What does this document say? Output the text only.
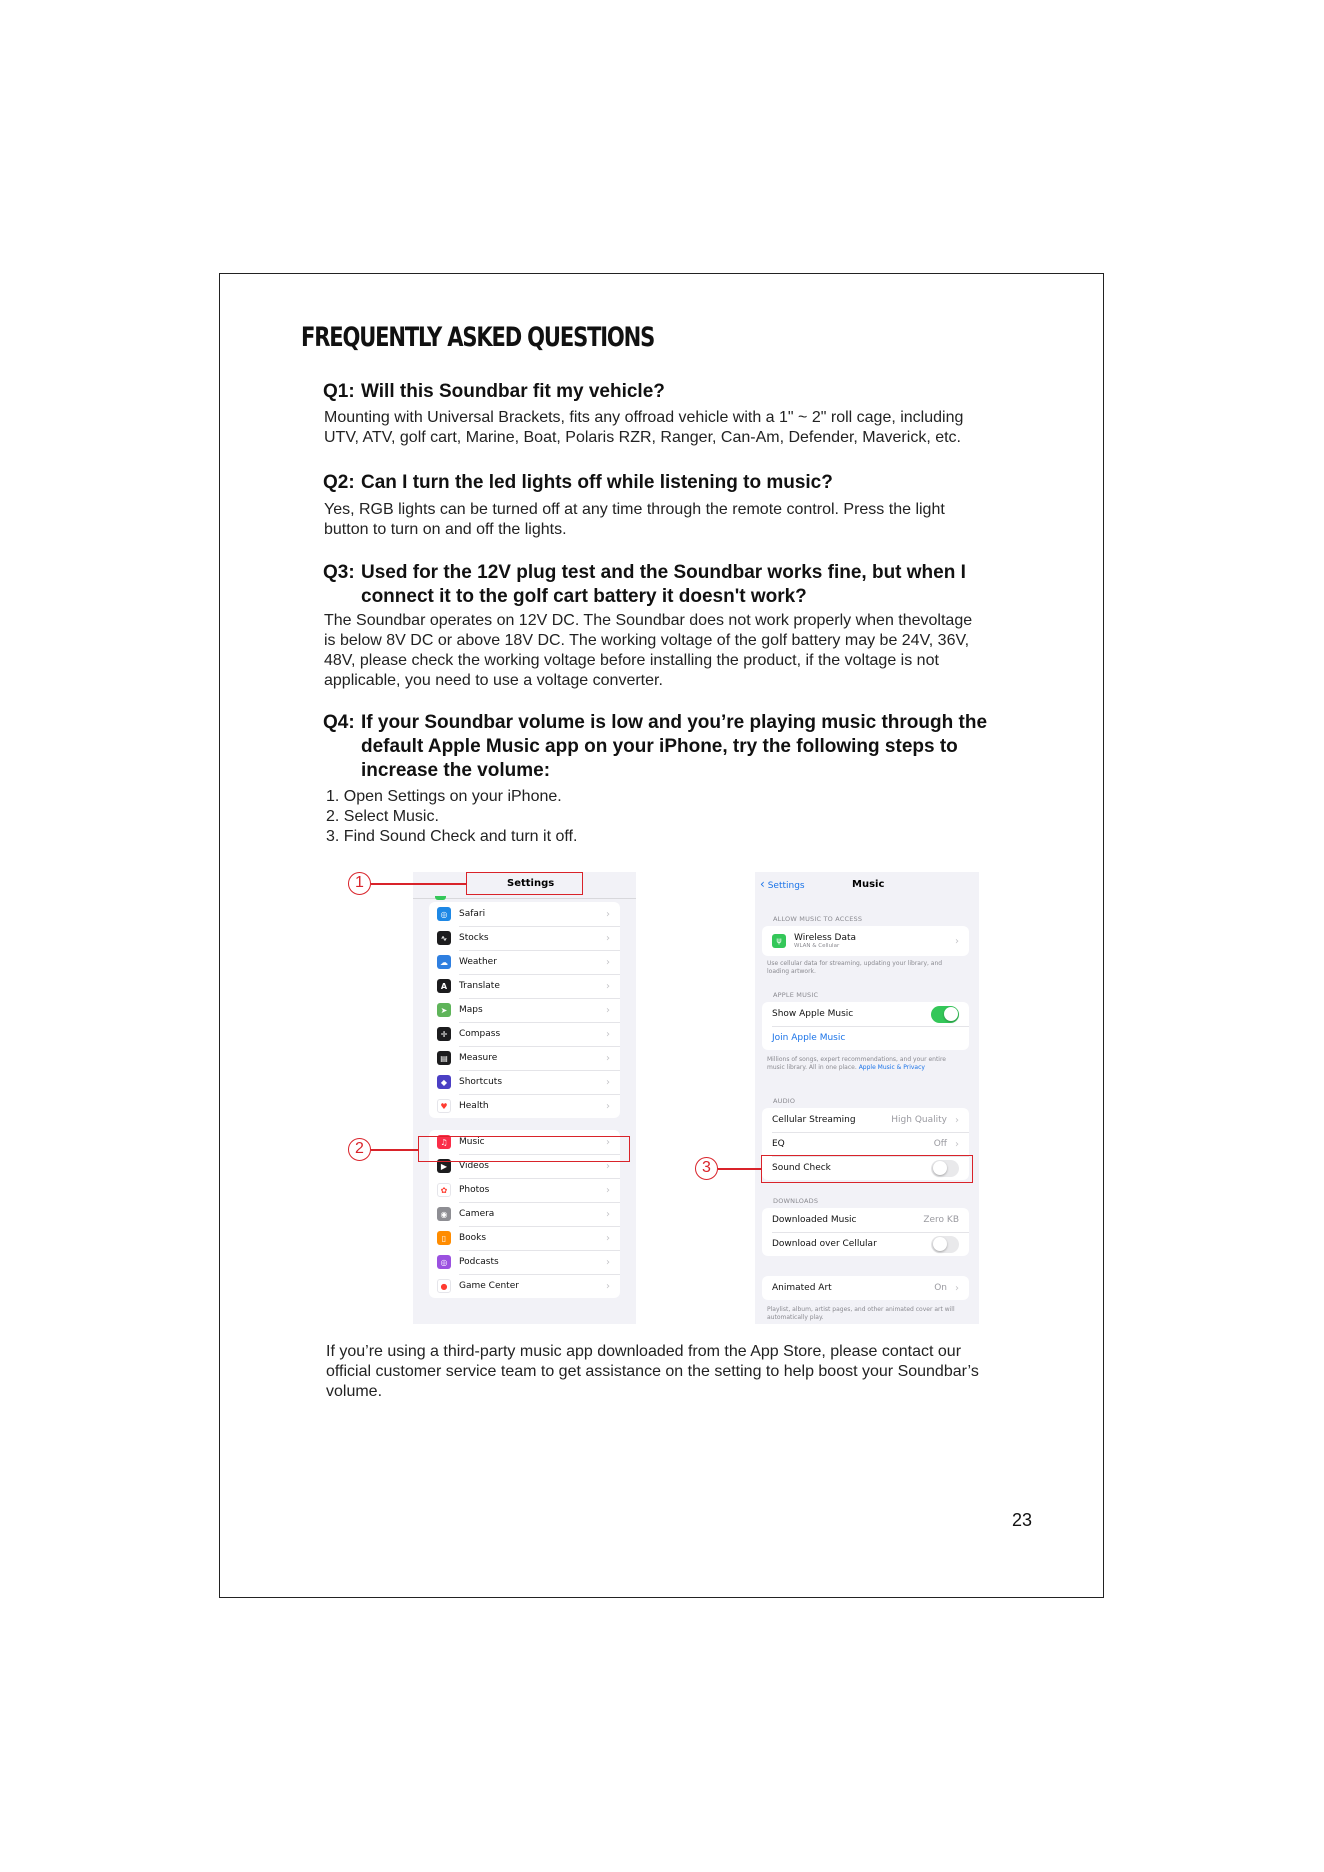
FREQUENTLY ASKED QUESTIONS
Q1: Will this Soundbar fit my vehicle?
Mounting with Universal Brackets, fits any offroad vehicle with a 1" ~ 2" roll cage, including
UTV, ATV, golf cart, Marine, Boat, Polaris RZR, Ranger, Can-Am, Defender, Maverick, etc.
Q2: Can I turn the led lights off while listening to music?
Yes, RGB lights can be turned off at any time through the remote control. Press the light
button to turn on and off the lights.
Q3: Used for the 12V plug test and the Soundbar works fine, but when I
connect it to the golf cart battery it doesn't work?
The Soundbar operates on 12V DC. The Soundbar does not work properly when thevoltage
is below 8V DC or above 18V DC. The working voltage of the golf battery may be 24V, 36V,
48V, please check the working voltage before installing the product, if the voltage is not
applicable, you need to use a voltage converter.
Q4: If your Soundbar volume is low and you’re playing music through the
default Apple Music app on your iPhone, try the following steps to
increase the volume:
1. Open Settings on your iPhone.
2. Select Music.
3. Find Sound Check and turn it off.
Settings
◎	Safari	›
∿	Stocks	›
☁	Weather	›
A	Translate	›
➤	Maps	›
✛	Compass	›
▤	Measure	›
◆	Shortcuts	›
♥	Health	›
♫	Music	›
▶	Videos	›
✿	Photos	›
◉	Camera	›
▯	Books	›
◎	Podcasts	›
●	Game Center	›
‹ Settings	Music
ALLOW MUSIC TO ACCESS
ψ	Wireless Data
WLAN & Cellular	›
Use cellular data for streaming, updating your library, and loading artwork.
APPLE MUSIC
Show Apple Music
Join Apple Music
Millions of songs, expert recommendations, and your entire music library. All in one place. Apple Music & Privacy
AUDIO
Cellular Streaming	High Quality ›
EQ	Off ›
Sound Check
DOWNLOADS
Downloaded Music	Zero KB
Download over Cellular
Animated Art	On ›
Playlist, album, artist pages, and other animated cover art will automatically play.
1
2
3
If you’re using a third-party music app downloaded from the App Store, please contact our
official customer service team to get assistance on the setting to help boost your Soundbar’s
volume.
23
